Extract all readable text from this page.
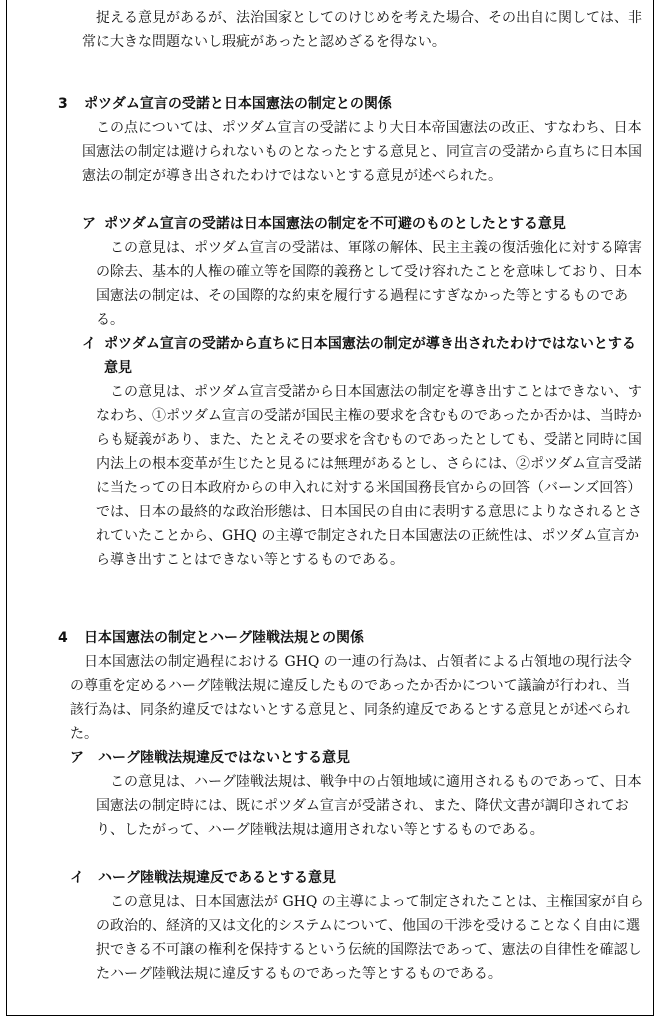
捉える意見があるが、法治国家としてのけじめを考えた場合、その出自に関しては、非常に大きな問題ないし瑕疵があったと認めざるを得ない。
3 ポツダム宣言の受諾と日本国憲法の制定との関係
この点については、ポツダム宣言の受諾により大日本帝国憲法の改正、すなわち、日本国憲法の制定は避けられないものとなったとする意見と、同宣言の受諾から直ちに日本国憲法の制定が導き出されたわけではないとする意見が述べられた。
ア ポツダム宣言の受諾は日本国憲法の制定を不可避のものとしたとする意見
この意見は、ポツダム宣言の受諾は、軍隊の解体、民主主義の復活強化に対する障害の除去、基本的人権の確立等を国際的義務として受け容れたことを意味しており、日本国憲法の制定は、その国際的な約束を履行する過程にすぎなかった等とするものである。
イ ポツダム宣言の受諾から直ちに日本国憲法の制定が導き出されたわけではないとする意見
この意見は、ポツダム宣言受諾から日本国憲法の制定を導き出すことはできない、すなわち、①ポツダム宣言の受諾が国民主権の要求を含むものであったか否かは、当時からも疑義があり、また、たとえその要求を含むものであったとしても、受諾と同時に国内法上の根本変革が生じたと見るには無理があるとし、さらには、②ポツダム宣言受諾に当たっての日本政府からの申入れに対する米国国務長官からの回答（バーンズ回答）では、日本の最終的な政治形態は、日本国民の自由に表明する意思によりなされるとされていたことから、GHQ の主導で制定された日本国憲法の正統性は、ポツダム宣言から導き出すことはできない等とするものである。
4 日本国憲法の制定とハーグ陸戦法規との関係
日本国憲法の制定過程における GHQ の一連の行為は、占領者による占領地の現行法令の尊重を定めるハーグ陸戦法規に違反したものであったか否かについて議論が行われ、当該行為は、同条約違反ではないとする意見と、同条約違反であるとする意見とが述べられた。
ア ハーグ陸戦法規違反ではないとする意見
この意見は、ハーグ陸戦法規は、戦争中の占領地域に適用されるものであって、日本国憲法の制定時には、既にポツダム宣言が受諾され、また、降伏文書が調印されており、したがって、ハーグ陸戦法規は適用されない等とするものである。
イ ハーグ陸戦法規違反であるとする意見
この意見は、日本国憲法が GHQ の主導によって制定されたことは、主権国家が自らの政治的、経済的又は文化的システムについて、他国の干渉を受けることなく自由に選択できる不可譲の権利を保持するという伝統的国際法であって、憲法の自律性を確認したハーグ陸戦法規に違反するものであった等とするものである。
